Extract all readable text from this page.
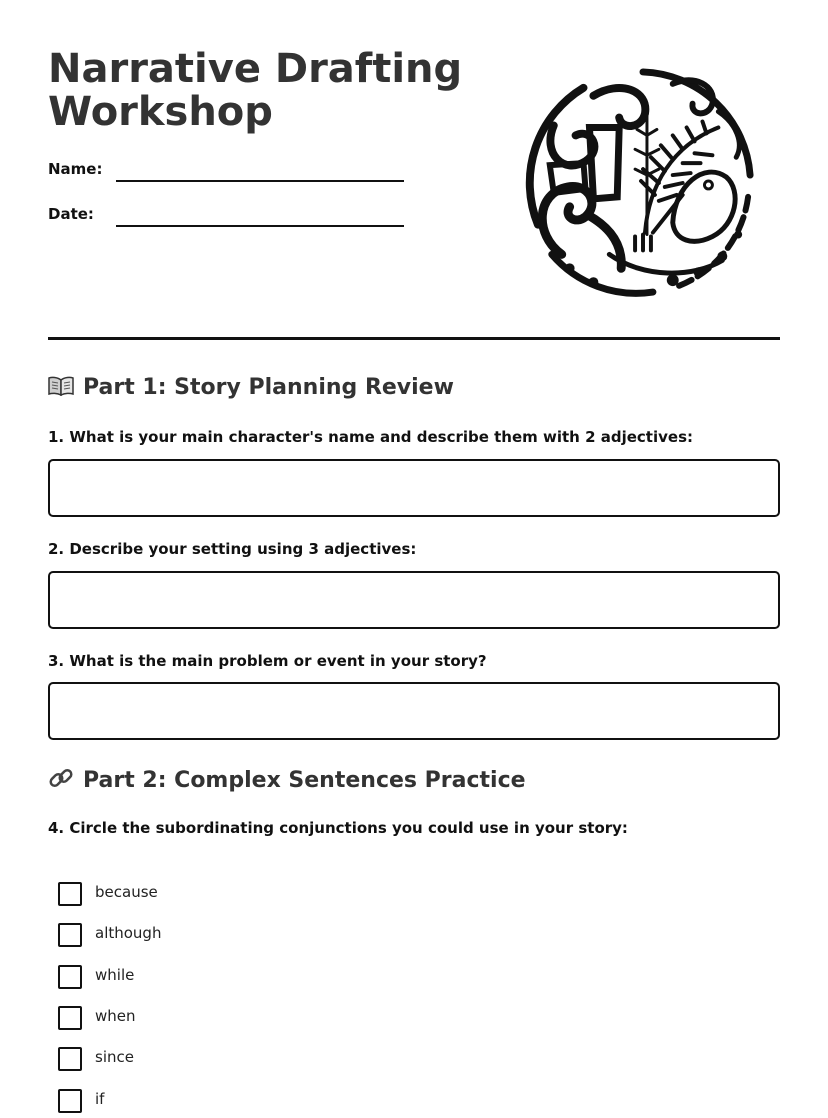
Narrative Drafting Workshop
Name:
Date:
Part 1: Story Planning Review

1. What is your main character's name and describe them with 2 adjectives:

2. Describe your setting using 3 adjectives:

3. What is the main problem or event in your story?

Part 2: Complex Sentences Practice

4. Circle the subordinating conjunctions you could use in your story:

because
although
while
when
since
if
